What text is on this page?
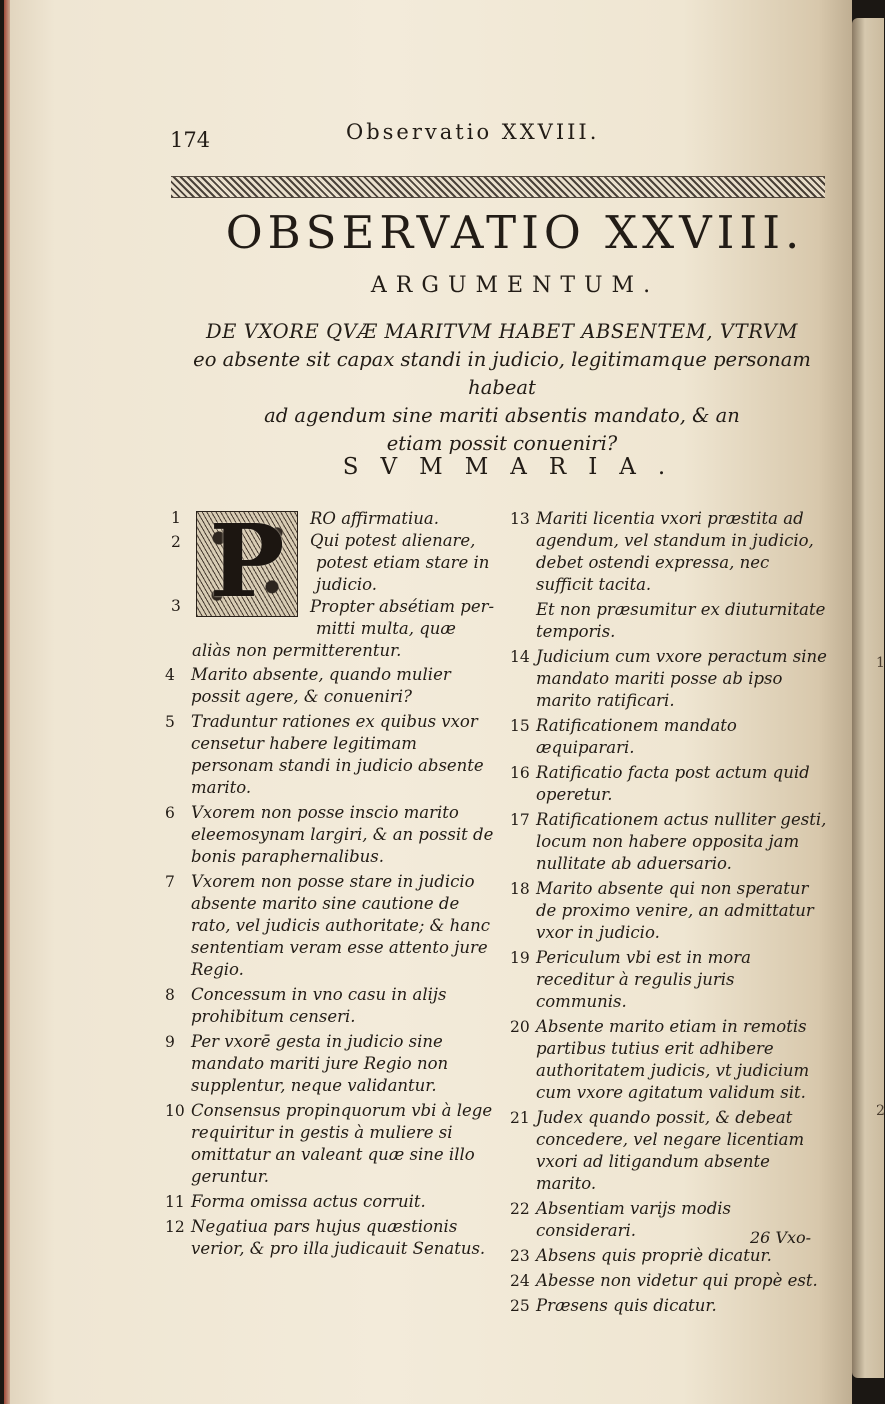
1
2
174	Observatio XXVIII.
OBSERVATIO XXVIII.
ARGUMENTUM.
DE VXORE QVÆ MARITVM HABET ABSENTEM, VTRVM
eo absente sit capax standi in judicio, legitimamque personam habeat
ad agendum sine mariti absentis mandato, & an
etiam possit conueniri?
SVMMARIA.
P
1
2
3
RO affirmatiua.
Qui potest alienare,
potest etiam stare in
judicio.
Propter absétiam per-
mitti multa, quæ
aliàs non permitterentur.
4 Marito absente, quando mulier possit agere, & conueniri?
5 Traduntur rationes ex quibus vxor censetur habere legitimam personam standi in judicio absente marito.
6 Vxorem non posse inscio marito eleemosynam largiri, & an possit de bonis paraphernalibus.
7 Vxorem non posse stare in judicio absente marito sine cautione de rato, vel judicis authoritate; & hanc sententiam veram esse attento jure Regio.
8 Concessum in vno casu in alijs prohibitum censeri.
9 Per vxorē gesta in judicio sine mandato mariti jure Regio non supplentur, neque validantur.
10 Consensus propinquorum vbi à lege requiritur in gestis à muliere si omittatur an valeant quæ sine illo geruntur.
11 Forma omissa actus corruit.
12 Negatiua pars hujus quæstionis verior, & pro illa judicauit Senatus.
13 Mariti licentia vxori præstita ad agendum, vel standum in judicio, debet ostendi expressa, nec sufficit tacita.
Et non præsumitur ex diuturnitate temporis.
14 Judicium cum vxore peractum sine mandato mariti posse ab ipso marito ratificari.
15 Ratificationem mandato æquiparari.
16 Ratificatio facta post actum quid operetur.
17 Ratificationem actus nulliter gesti, locum non habere opposita jam nullitate ab aduersario.
18 Marito absente qui non speratur de proximo venire, an admittatur vxor in judicio.
19 Periculum vbi est in mora receditur à regulis juris communis.
20 Absente marito etiam in remotis partibus tutius erit adhibere authoritatem judicis, vt judicium cum vxore agitatum validum sit.
21 Judex quando possit, & debeat concedere, vel negare licentiam vxori ad litigandum absente marito.
22 Absentiam varijs modis considerari.
23 Absens quis propriè dicatur.
24 Abesse non videtur qui propè est.
25 Præsens quis dicatur.
26 Vxo-
